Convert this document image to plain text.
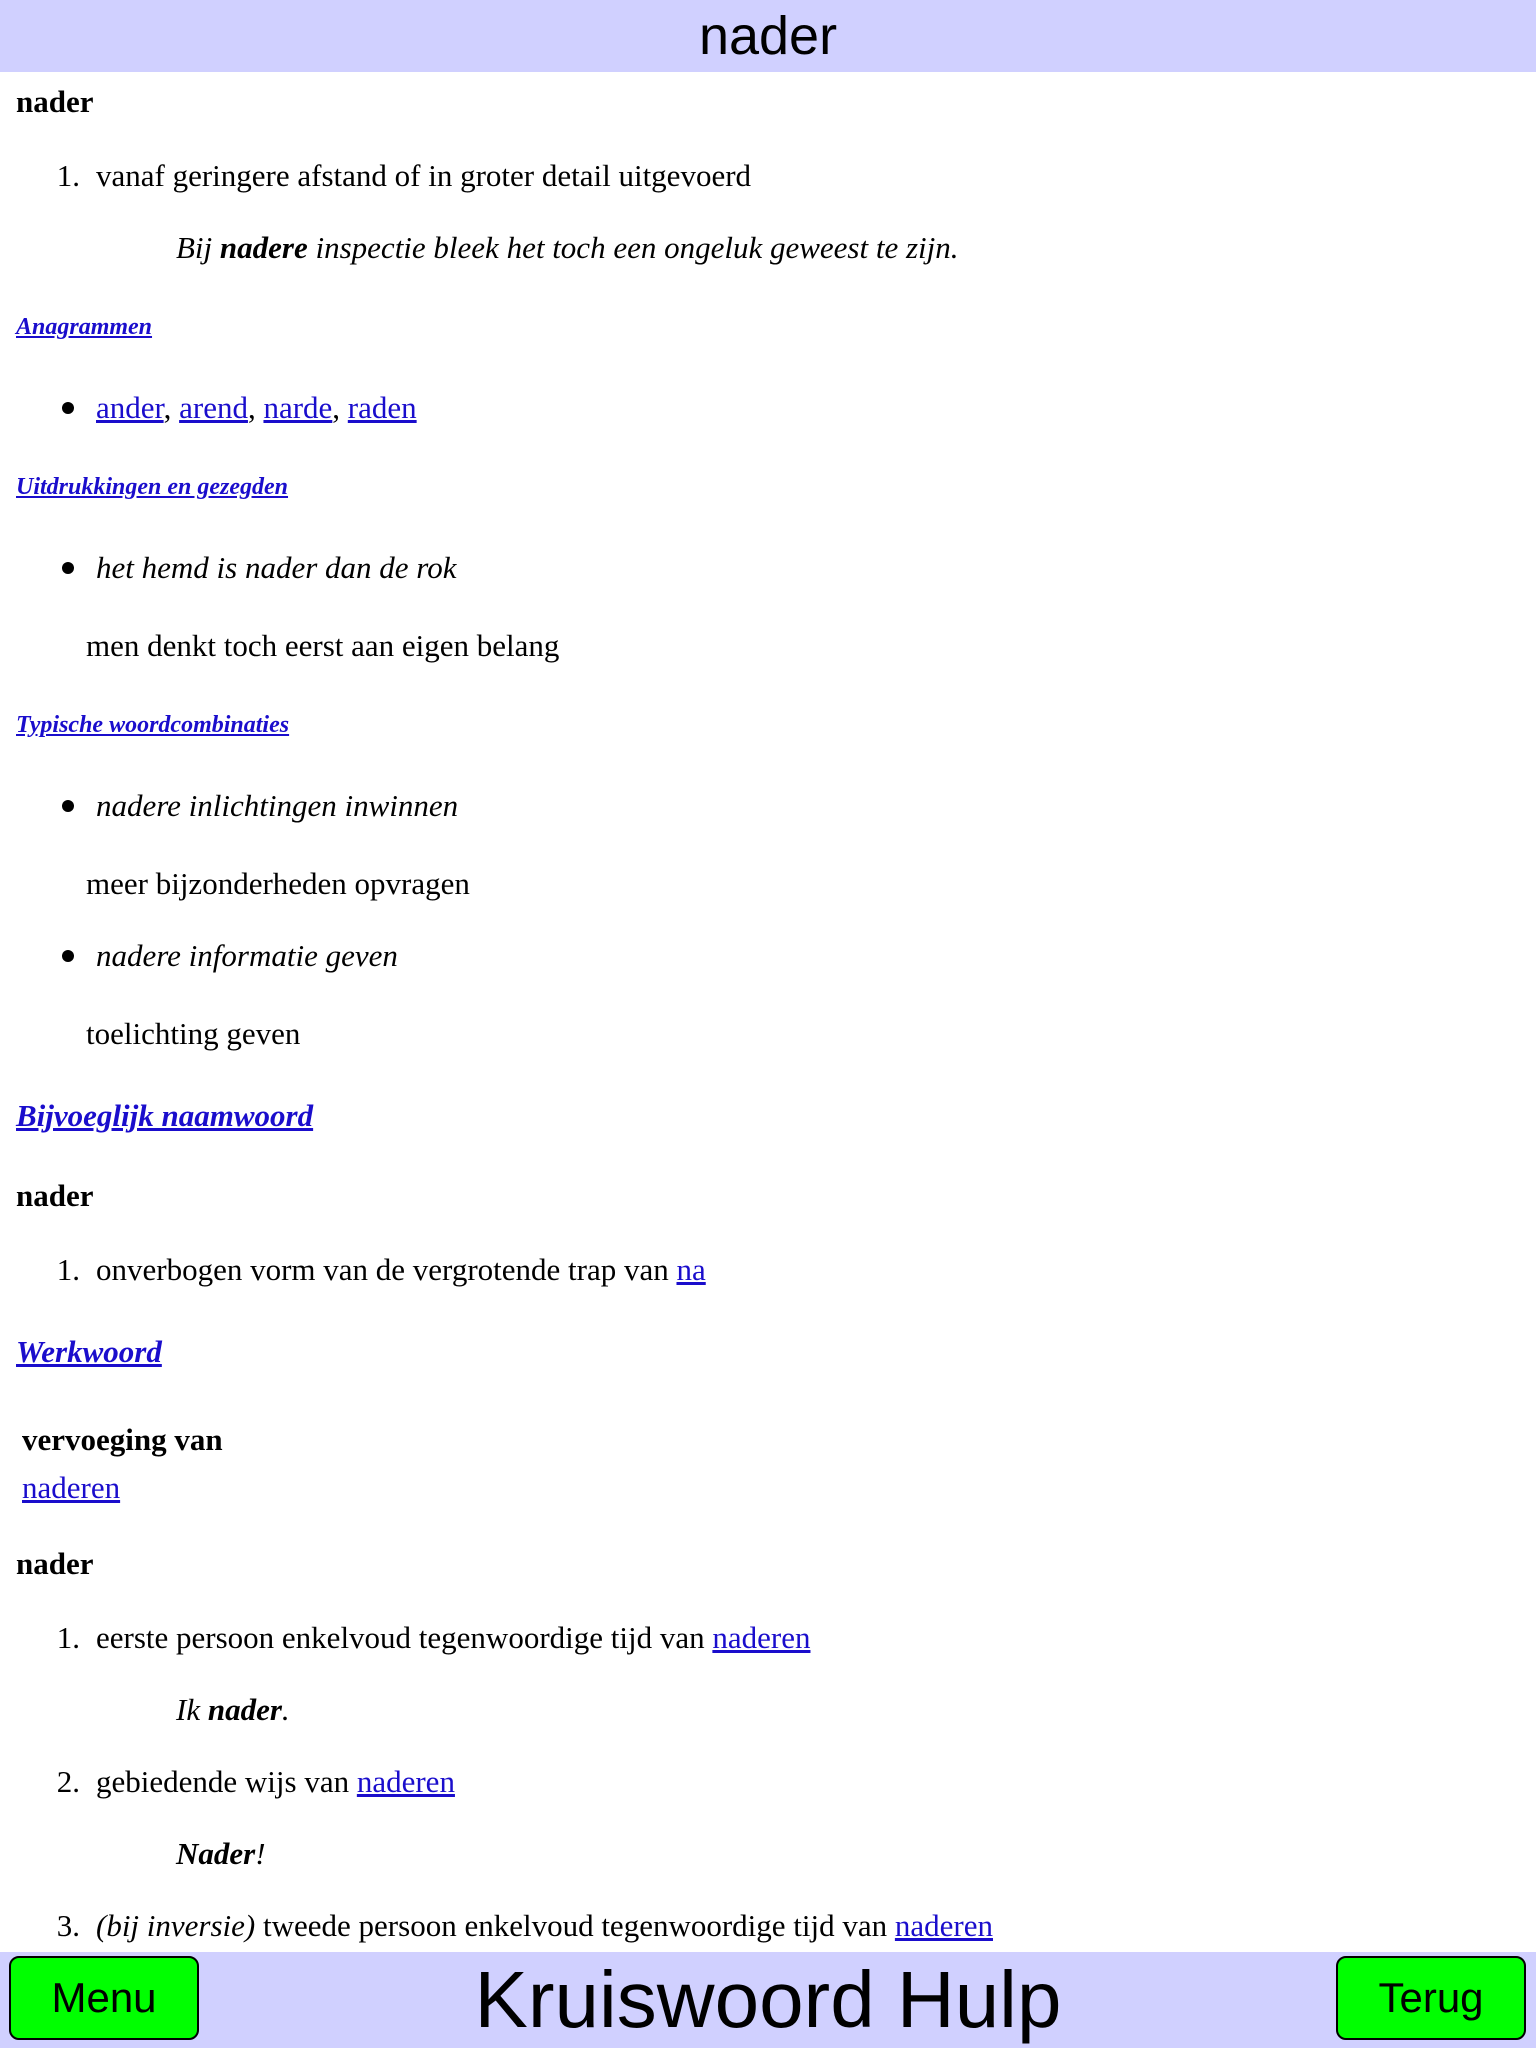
nader
nader
1. vanaf geringere afstand of in groter detail uitgevoerd
Bij nadere inspectie bleek het toch een ongeluk geweest te zijn.
Anagrammen
ander, arend, narde, raden
Uitdrukkingen en gezegden
het hemd is nader dan de rok
men denkt toch eerst aan eigen belang
Typische woordcombinaties
nadere inlichtingen inwinnen
meer bijzonderheden opvragen
nadere informatie geven
toelichting geven
Bijvoeglijk naamwoord
nader
1. onverbogen vorm van de vergrotende trap van na
Werkwoord
vervoeging van
naderen
nader
1. eerste persoon enkelvoud tegenwoordige tijd van naderen
Ik nader.
2. gebiedende wijs van naderen
Nader!
3. (bij inversie) tweede persoon enkelvoud tegenwoordige tijd van naderen
Kruiswoord Hulp
Menu	Terug
